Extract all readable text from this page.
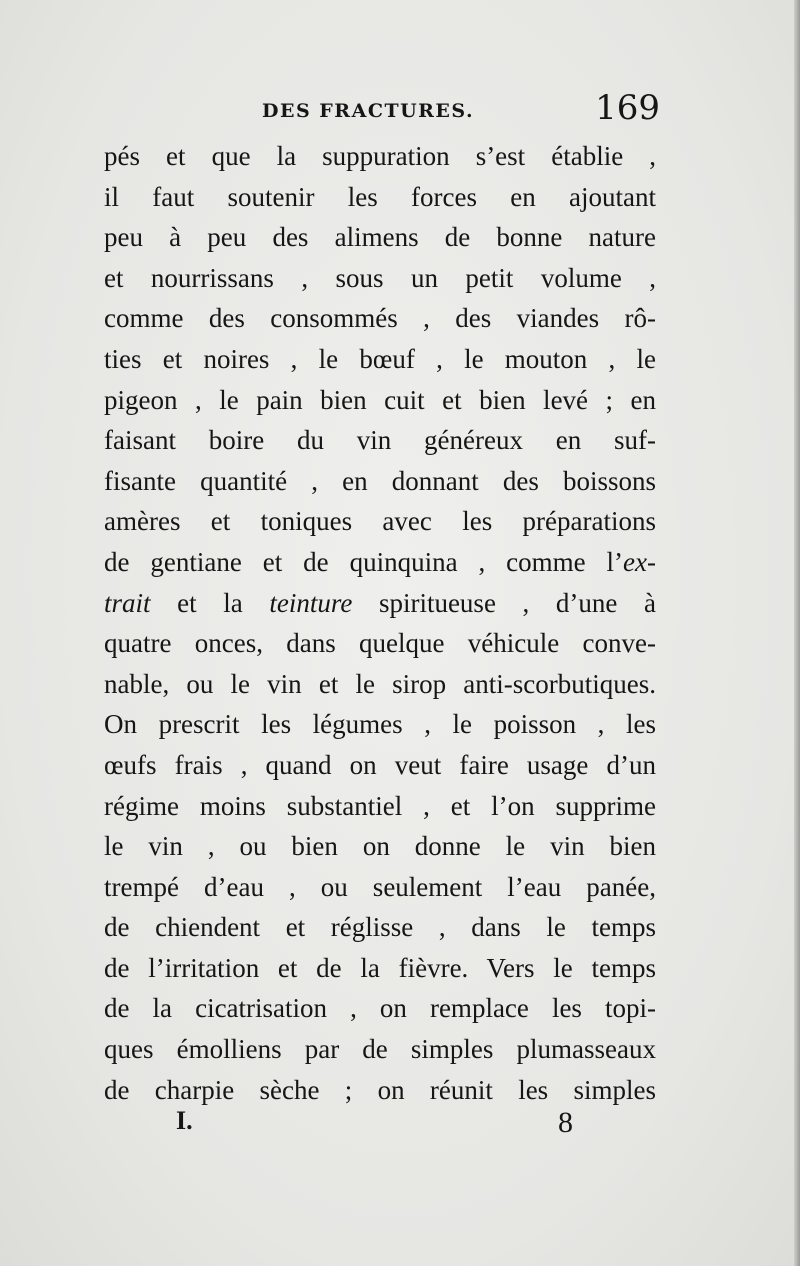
DES FRACTURES.	169
pés et que la suppuration s’est établie ,
il faut soutenir les forces en ajoutant
peu à peu des alimens de bonne nature
et nourrissans , sous un petit volume ,
comme des consommés , des viandes rô-
ties et noires , le bœuf , le mouton , le
pigeon , le pain bien cuit et bien levé ; en
faisant boire du vin généreux en suf-
fisante quantité , en donnant des boissons
amères et toniques avec les préparations
de gentiane et de quinquina , comme l’ex-
trait et la teinture spiritueuse , d’une à
quatre onces, dans quelque véhicule conve-
nable, ou le vin et le sirop anti-scorbutiques.
On prescrit les légumes , le poisson , les
œufs frais , quand on veut faire usage d’un
régime moins substantiel , et l’on supprime
le vin , ou bien on donne le vin bien
trempé d’eau , ou seulement l’eau panée,
de chiendent et réglisse , dans le temps
de l’irritation et de la fièvre. Vers le temps
de la cicatrisation , on remplace les topi-
ques émolliens par de simples plumasseaux
de charpie sèche ; on réunit les simples
I.	8
